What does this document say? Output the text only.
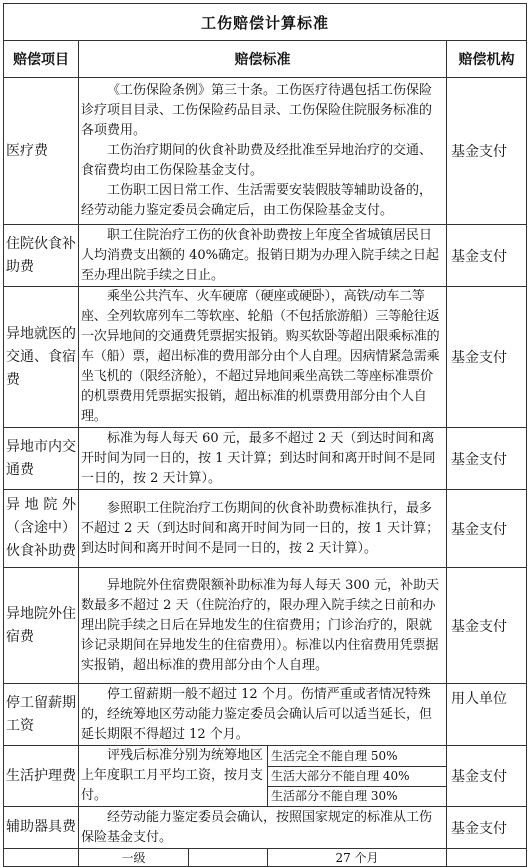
工伤赔偿计算标准				
赔偿项目	赔偿标准			赔偿机构
医疗费	《工伤保险条例》第三十条。工伤医疗待遇包括工伤保险诊疗项目目录、工伤保险药品目录、工伤保险住院服务标准的各项费用。

工伤治疗期间的伙食补助费及经批准至异地治疗的交通、食宿费均由工伤保险基金支付。

工伤职工因日常工作、生活需要安装假肢等辅助设备的，经劳动能力鉴定委员会确定后，由工伤保险基金支付。			基金支付
住院伙食补助费	职工住院治疗工伤的伙食补助费按上年度全省城镇居民日人均消费支出额的 40%确定。报销日期为办理入院手续之日起至办理出院手续之日止。			基金支付
异地就医的交通、食宿费	乘坐公共汽车、火车硬席（硬座或硬卧），高铁/动车二等座、全列软席列车二等软座、轮船（不包括旅游船）三等舱往返一次异地间的交通费凭票据实报销。购买软卧等超出限乘标准的车（船）票，超出标准的费用部分由个人自理。因病情紧急需乘坐飞机的（限经济舱），不超过异地间乘坐高铁二等座标准票价的机票费用凭票据实报销，超出标准的机票费用部分由个人自理。			基金支付
异地市内交通费	标准为每人每天 60 元，最多不超过 2 天（到达时间和离开时间为同一日的，按 1 天计算；到达时间和离开时间不是同一日的，按 2 天计算）。			基金支付
异地院外（含途中）伙食补助费	参照职工住院治疗工伤期间的伙食补助费标准执行，最多不超过 2 天（到达时间和离开时间为同一日的，按 1 天计算；到达时间和离开时间不是同一日的，按 2 天计算）。			基金支付
异地院外住宿费	异地院外住宿费限额补助标准为每人每天 300 元，补助天数最多不超过 2 天（住院治疗的，限办理入院手续之日前和办理出院手续之日后在异地发生的住宿费用；门诊治疗的，限就诊记录期间在异地发生的住宿费用）。标准以内住宿费用凭票据实报销，超出标准的费用部分由个人自理。			基金支付
停工留薪期工资	停工留薪期一般不超过 12 个月。伤情严重或者情况特殊的，经统筹地区劳动能力鉴定委员会确认后可以适当延长，但延长期限不得超过 12 个月。			用人单位
生活护理费	评残后标准分别为统筹地区上年度职工月平均工资，按月支付。		生活完全不能自理 50%
生活大部分不能自理 40%
生活部分不能自理 30%	基金支付
辅助器具费	经劳动能力鉴定委员会确认，按照国家规定的标准从工伤保险基金支付。			基金支付
	一级		27 个月	
